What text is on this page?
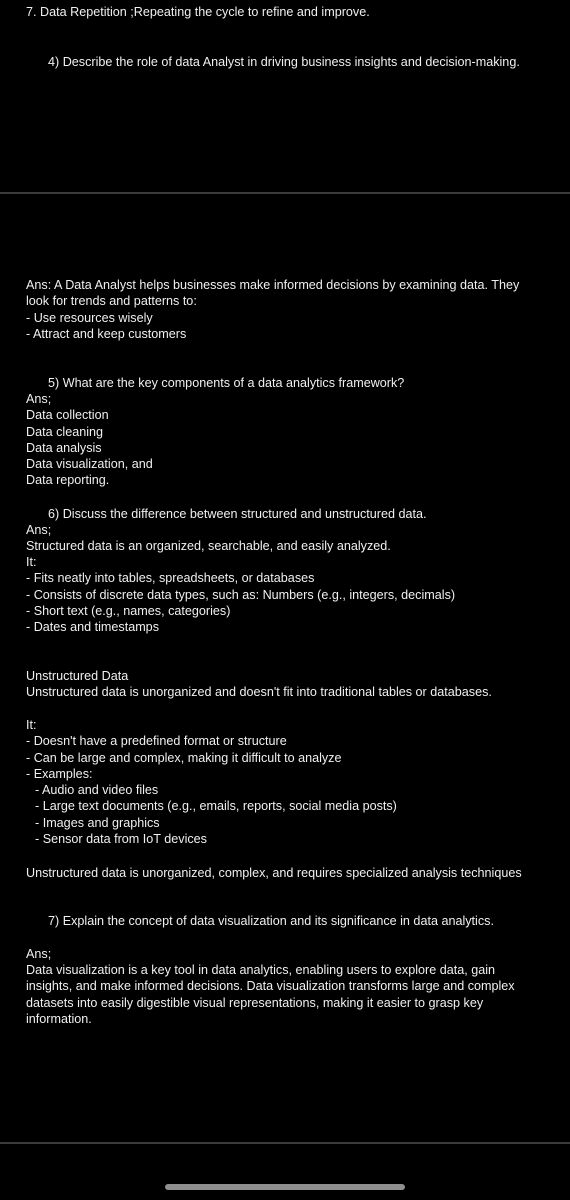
7. Data Repetition ;Repeating the cycle to refine and improve.
4) Describe the role of data Analyst in driving business insights and decision-making.
Ans: A Data Analyst helps businesses make informed decisions by examining data. They
look for trends and patterns to:
- Use resources wisely
- Attract and keep customers
5) What are the key components of a data analytics framework?
Ans;
Data collection
Data cleaning
Data analysis
Data visualization, and
Data reporting.
6) Discuss the difference between structured and unstructured data.
Ans;
Structured data is an organized, searchable, and easily analyzed.
It:
- Fits neatly into tables, spreadsheets, or databases
- Consists of discrete data types, such as: Numbers (e.g., integers, decimals)
- Short text (e.g., names, categories)
- Dates and timestamps
Unstructured Data
Unstructured data is unorganized and doesn't fit into traditional tables or databases.
It:
- Doesn't have a predefined format or structure
- Can be large and complex, making it difficult to analyze
- Examples:
- Audio and video files
- Large text documents (e.g., emails, reports, social media posts)
- Images and graphics
- Sensor data from IoT devices
Unstructured data is unorganized, complex, and requires specialized analysis techniques
7) Explain the concept of data visualization and its significance in data analytics.
Ans;
Data visualization is a key tool in data analytics, enabling users to explore data, gain
insights, and make informed decisions. Data visualization transforms large and complex
datasets into easily digestible visual representations, making it easier to grasp key
information.
